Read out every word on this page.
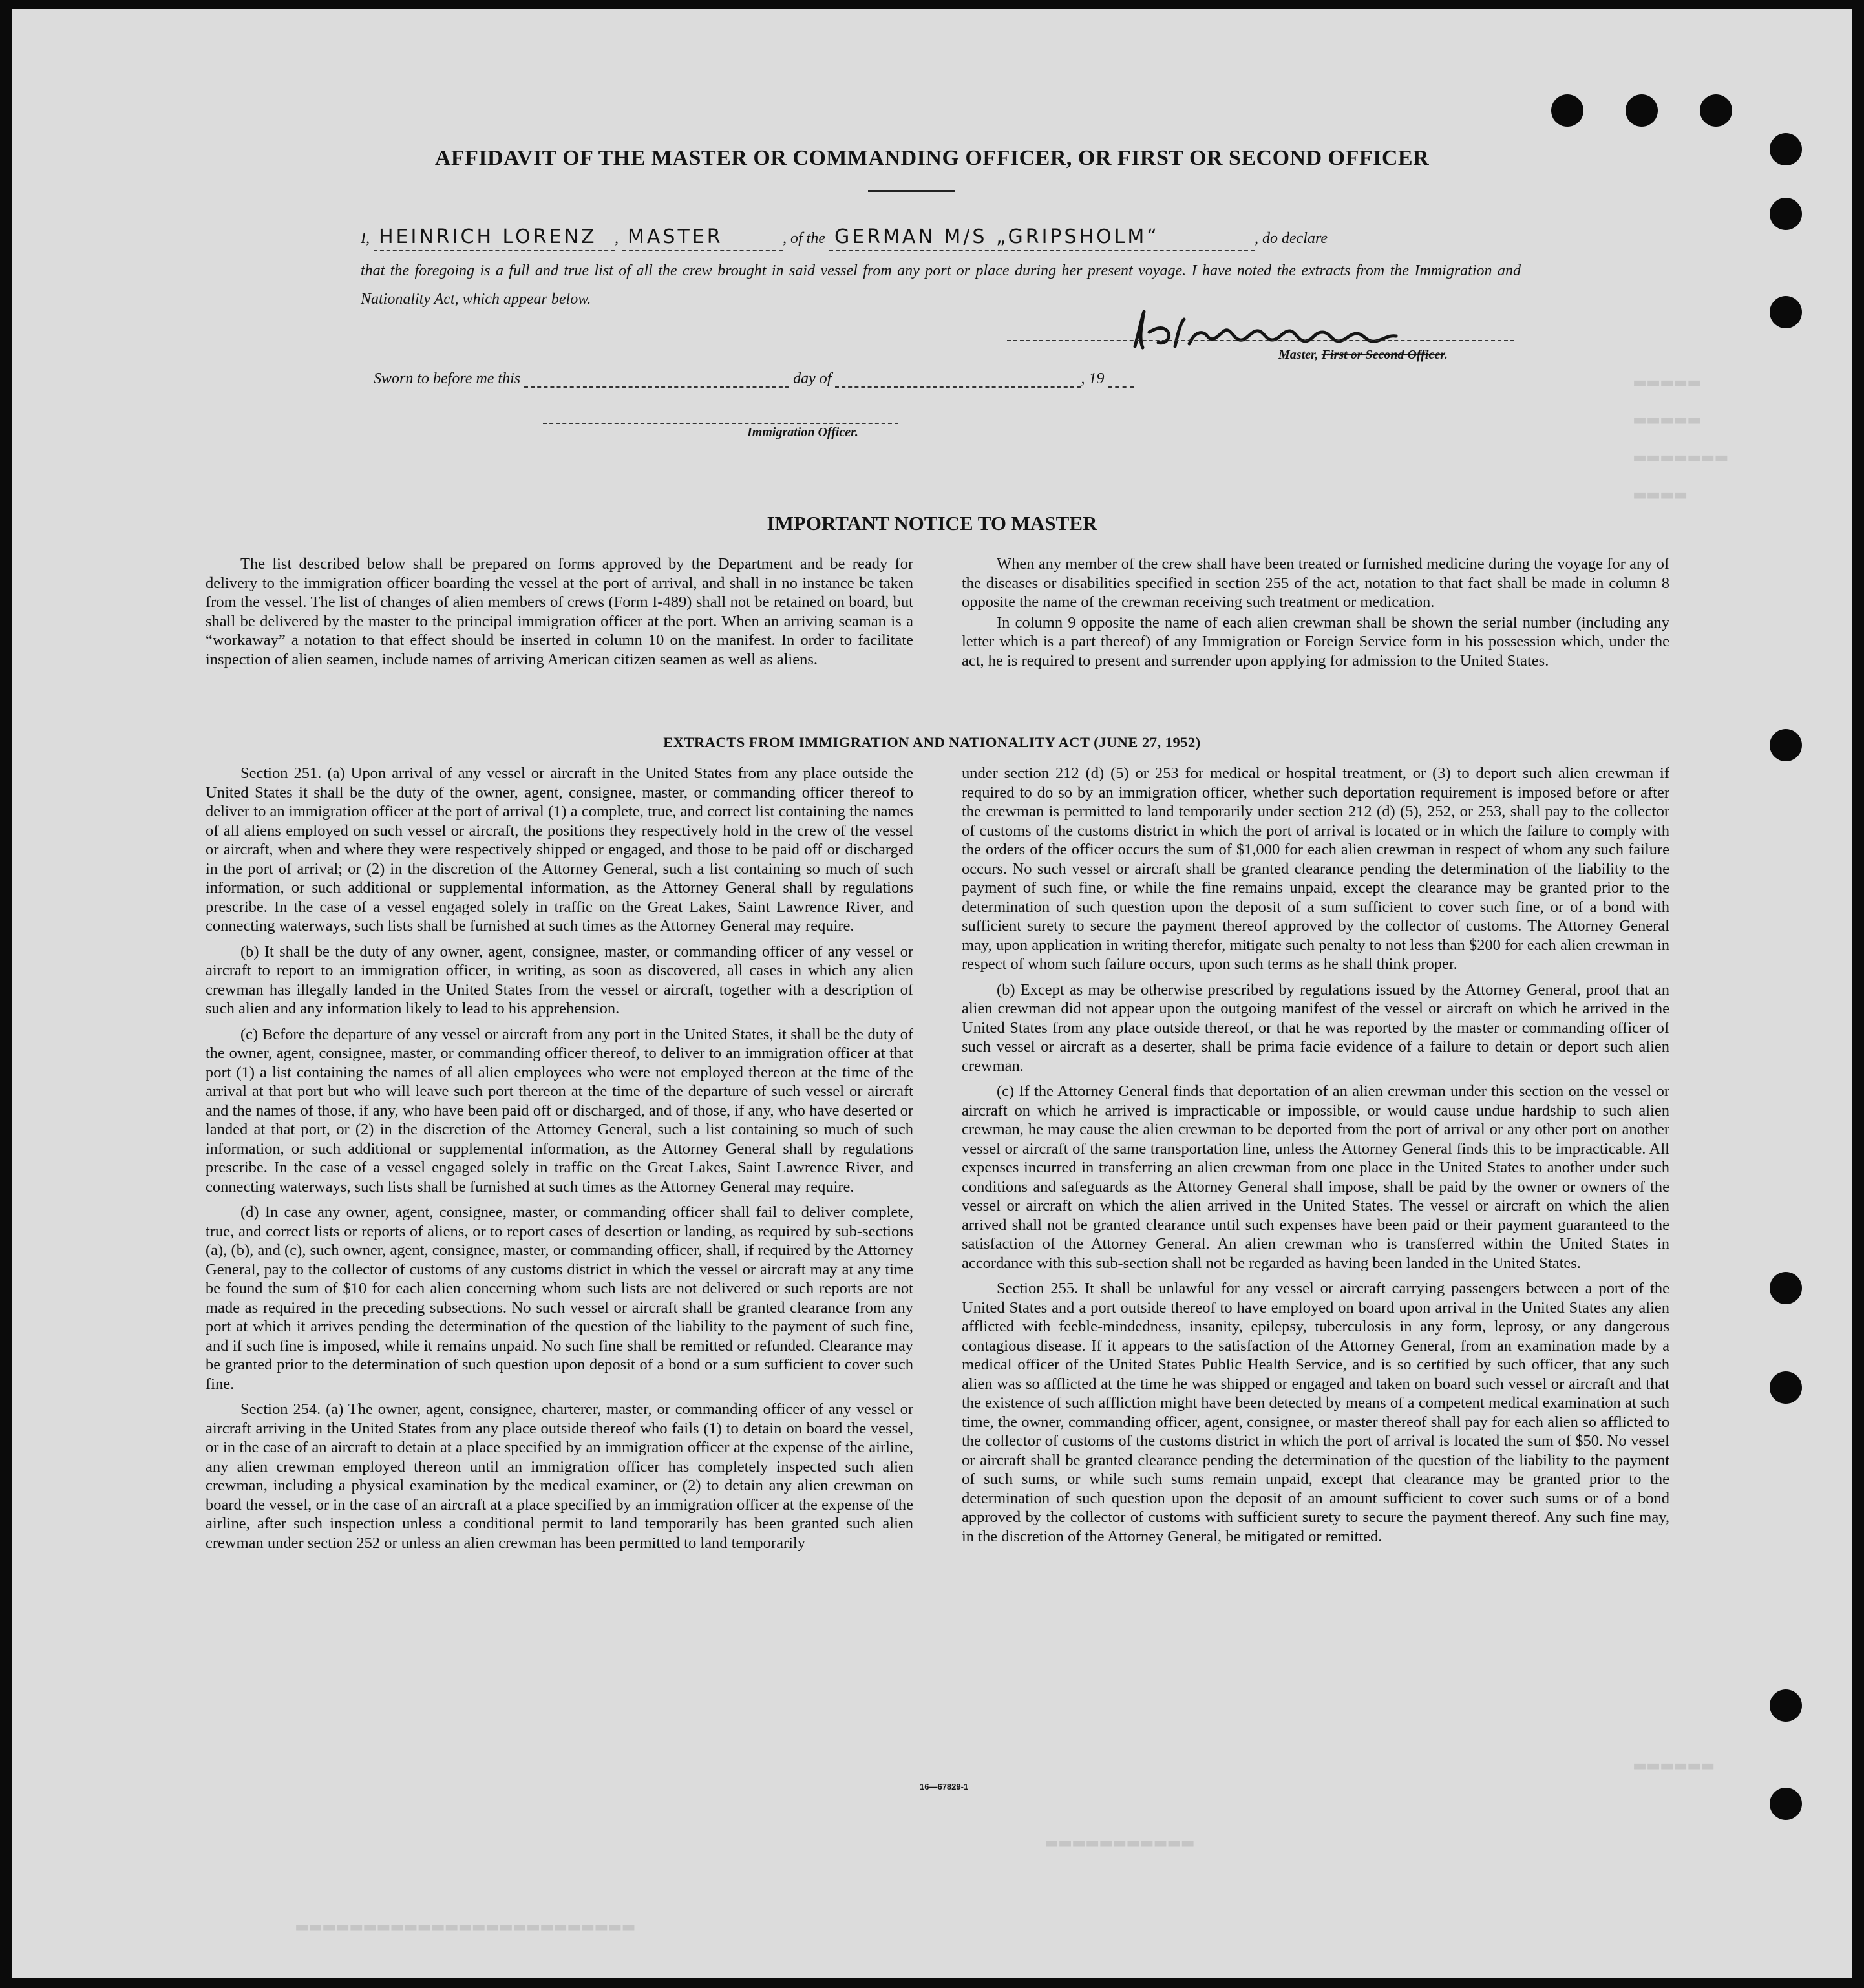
▬▬▬▬▬
▬▬▬▬▬
▬▬▬▬▬▬▬
▬▬▬▬
▬▬▬▬▬▬
▬▬▬▬▬▬▬▬▬▬▬
▬▬▬▬▬▬▬▬▬▬▬▬▬▬▬▬▬▬▬▬▬▬▬▬▬
AFFIDAVIT OF THE MASTER OR COMMANDING OFFICER, OR FIRST OR SECOND OFFICER
I, HEINRICH LORENZ , MASTER	, of the GERMAN M/S „GRIPSHOLM“	, do declare
that the foregoing is a full and true list of all the crew brought in said vessel from any port or place during her present voyage. I have noted the extracts from the Immigration and Nationality Act, which appear below.
Master, First or Second Officer.
Sworn to before me this	day of	, 19
Immigration Officer.
IMPORTANT NOTICE TO MASTER

The list described below shall be prepared on forms approved by the Department and be ready for delivery to the immigration officer boarding the vessel at the port of arrival, and shall in no instance be taken from the vessel. The list of changes of alien members of crews (Form I-489) shall not be retained on board, but shall be delivered by the master to the principal immigration officer at the port. When an arriving seaman is a “workaway” a notation to that effect should be inserted in column 10 on the manifest. In order to facilitate inspection of alien seamen, include names of arriving American citizen seamen as well as aliens.

When any member of the crew shall have been treated or furnished medicine during the voyage for any of the diseases or disabilities specified in section 255 of the act, notation to that fact shall be made in column 8 opposite the name of the crewman receiving such treatment or medication.

In column 9 opposite the name of each alien crewman shall be shown the serial number (including any letter which is a part thereof) of any Immigration or Foreign Service form in his possession which, under the act, he is required to present and surrender upon applying for admission to the United States.

EXTRACTS FROM IMMIGRATION AND NATIONALITY ACT (JUNE 27, 1952)

Section 251. (a) Upon arrival of any vessel or aircraft in the United States from any place outside the United States it shall be the duty of the owner, agent, consignee, master, or commanding officer thereof to deliver to an immigration officer at the port of arrival (1) a complete, true, and correct list containing the names of all aliens employed on such vessel or aircraft, the positions they respectively hold in the crew of the vessel or aircraft, when and where they were respectively shipped or engaged, and those to be paid off or discharged in the port of arrival; or (2) in the discretion of the Attorney General, such a list containing so much of such information, or such additional or supplemental information, as the Attorney General shall by regulations prescribe. In the case of a vessel engaged solely in traffic on the Great Lakes, Saint Lawrence River, and connecting waterways, such lists shall be furnished at such times as the Attorney General may require.

(b) It shall be the duty of any owner, agent, consignee, master, or commanding officer of any vessel or aircraft to report to an immigration officer, in writing, as soon as discovered, all cases in which any alien crewman has illegally landed in the United States from the vessel or aircraft, together with a description of such alien and any information likely to lead to his apprehension.

(c) Before the departure of any vessel or aircraft from any port in the United States, it shall be the duty of the owner, agent, consignee, master, or commanding officer thereof, to deliver to an immigration officer at that port (1) a list containing the names of all alien employees who were not employed thereon at the time of the arrival at that port but who will leave such port thereon at the time of the departure of such vessel or aircraft and the names of those, if any, who have been paid off or discharged, and of those, if any, who have deserted or landed at that port, or (2) in the discretion of the Attorney General, such a list containing so much of such information, or such additional or supplemental information, as the Attorney General shall by regulations prescribe. In the case of a vessel engaged solely in traffic on the Great Lakes, Saint Lawrence River, and connecting waterways, such lists shall be furnished at such times as the Attorney General may require.

(d) In case any owner, agent, consignee, master, or commanding officer shall fail to deliver complete, true, and correct lists or reports of aliens, or to report cases of desertion or landing, as required by sub-sections (a), (b), and (c), such owner, agent, consignee, master, or commanding officer, shall, if required by the Attorney General, pay to the collector of customs of any customs district in which the vessel or aircraft may at any time be found the sum of $10 for each alien concerning whom such lists are not delivered or such reports are not made as required in the preceding subsections. No such vessel or aircraft shall be granted clearance from any port at which it arrives pending the determination of the question of the liability to the payment of such fine, and if such fine is imposed, while it remains unpaid. No such fine shall be remitted or refunded. Clearance may be granted prior to the determination of such question upon deposit of a bond or a sum sufficient to cover such fine.

Section 254. (a) The owner, agent, consignee, charterer, master, or commanding officer of any vessel or aircraft arriving in the United States from any place outside thereof who fails (1) to detain on board the vessel, or in the case of an aircraft to detain at a place specified by an immigration officer at the expense of the airline, any alien crewman employed thereon until an immigration officer has completely inspected such alien crewman, including a physical examination by the medical examiner, or (2) to detain any alien crewman on board the vessel, or in the case of an aircraft at a place specified by an immigration officer at the expense of the airline, after such inspection unless a conditional permit to land temporarily has been granted such alien crewman under section 252 or unless an alien crewman has been permitted to land temporarily

under section 212 (d) (5) or 253 for medical or hospital treatment, or (3) to deport such alien crewman if required to do so by an immigration officer, whether such deportation requirement is imposed before or after the crewman is permitted to land temporarily under section 212 (d) (5), 252, or 253, shall pay to the collector of customs of the customs district in which the port of arrival is located or in which the failure to comply with the orders of the officer occurs the sum of $1,000 for each alien crewman in respect of whom any such failure occurs. No such vessel or aircraft shall be granted clearance pending the determination of the liability to the payment of such fine, or while the fine remains unpaid, except the clearance may be granted prior to the determination of such question upon the deposit of a sum sufficient to cover such fine, or of a bond with sufficient surety to secure the payment thereof approved by the collector of customs. The Attorney General may, upon application in writing therefor, mitigate such penalty to not less than $200 for each alien crewman in respect of whom such failure occurs, upon such terms as he shall think proper.

(b) Except as may be otherwise prescribed by regulations issued by the Attorney General, proof that an alien crewman did not appear upon the outgoing manifest of the vessel or aircraft on which he arrived in the United States from any place outside thereof, or that he was reported by the master or commanding officer of such vessel or aircraft as a deserter, shall be prima facie evidence of a failure to detain or deport such alien crewman.

(c) If the Attorney General finds that deportation of an alien crewman under this section on the vessel or aircraft on which he arrived is impracticable or impossible, or would cause undue hardship to such alien crewman, he may cause the alien crewman to be deported from the port of arrival or any other port on another vessel or aircraft of the same transportation line, unless the Attorney General finds this to be impracticable. All expenses incurred in transferring an alien crewman from one place in the United States to another under such conditions and safeguards as the Attorney General shall impose, shall be paid by the owner or owners of the vessel or aircraft on which the alien arrived in the United States. The vessel or aircraft on which the alien arrived shall not be granted clearance until such expenses have been paid or their payment guaranteed to the satisfaction of the Attorney General. An alien crewman who is transferred within the United States in accordance with this sub-section shall not be regarded as having been landed in the United States.

Section 255. It shall be unlawful for any vessel or aircraft carrying passengers between a port of the United States and a port outside thereof to have employed on board upon arrival in the United States any alien afflicted with feeble-mindedness, insanity, epilepsy, tuberculosis in any form, leprosy, or any dangerous contagious disease. If it appears to the satisfaction of the Attorney General, from an examination made by a medical officer of the United States Public Health Service, and is so certified by such officer, that any such alien was so afflicted at the time he was shipped or engaged and taken on board such vessel or aircraft and that the existence of such affliction might have been detected by means of a competent medical examination at such time, the owner, commanding officer, agent, consignee, or master thereof shall pay for each alien so afflicted to the collector of customs of the customs district in which the port of arrival is located the sum of $50. No vessel or aircraft shall be granted clearance pending the determination of the question of the liability to the payment of such sums, or while such sums remain unpaid, except that clearance may be granted prior to the determination of such question upon the deposit of an amount sufficient to cover such sums or of a bond approved by the collector of customs with sufficient surety to secure the payment thereof. Any such fine may, in the discretion of the Attorney General, be mitigated or remitted.

16—67829-1
